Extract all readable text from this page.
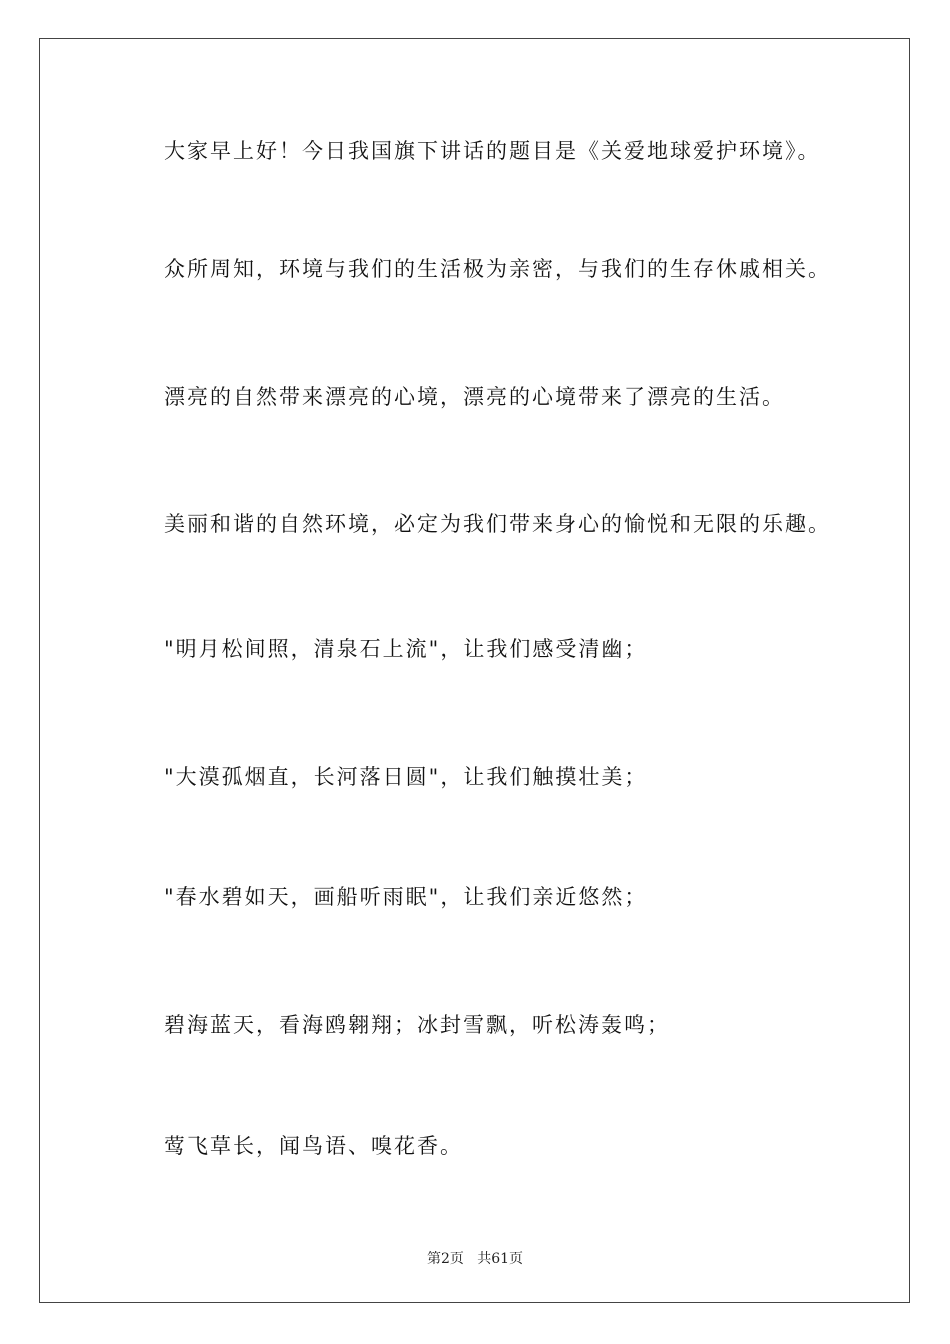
大家早上好！今日我国旗下讲话的题目是《关爱地球爱护环境》。
众所周知，环境与我们的生活极为亲密，与我们的生存休戚相关。
漂亮的自然带来漂亮的心境，漂亮的心境带来了漂亮的生活。
美丽和谐的自然环境，必定为我们带来身心的愉悦和无限的乐趣。
"明月松间照，清泉石上流"，让我们感受清幽；
"大漠孤烟直，长河落日圆"，让我们触摸壮美；
"春水碧如天，画船听雨眠"，让我们亲近悠然；
碧海蓝天，看海鸥翱翔；冰封雪飘，听松涛轰鸣；
莺飞草长，闻鸟语、嗅花香。
第2页   共61页
